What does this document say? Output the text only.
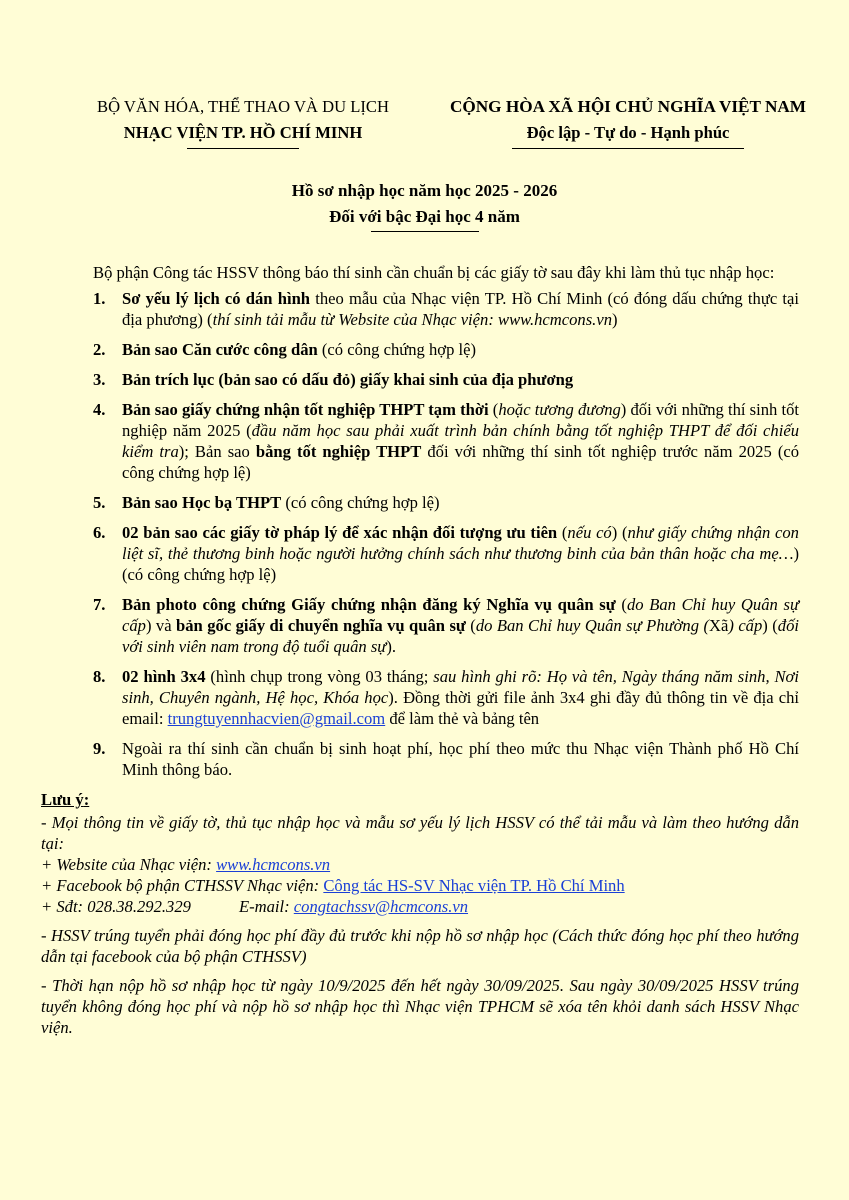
BỘ VĂN HÓA, THỂ THAO VÀ DU LỊCH
NHẠC VIỆN TP. HỒ CHÍ MINH
CỘNG HÒA XÃ HỘI CHỦ NGHĨA VIỆT NAM
Độc lập - Tự do - Hạnh phúc
Hồ sơ nhập học năm học 2025 - 2026
Đối với bậc Đại học 4 năm

Bộ phận Công tác HSSV thông báo thí sinh cần chuẩn bị các giấy tờ sau đây khi làm thủ tục nhập học:

1. Sơ yếu lý lịch có dán hình theo mẫu của Nhạc viện TP. Hồ Chí Minh (có đóng dấu chứng thực tại địa phương) (thí sinh tải mẫu từ Website của Nhạc viện: www.hcmcons.vn)
2. Bản sao Căn cước công dân (có công chứng hợp lệ)
3. Bản trích lục (bản sao có dấu đỏ) giấy khai sinh của địa phương
4. Bản sao giấy chứng nhận tốt nghiệp THPT tạm thời (hoặc tương đương) đối với những thí sinh tốt nghiệp năm 2025 (đầu năm học sau phải xuất trình bản chính bằng tốt nghiệp THPT để đối chiếu kiểm tra); Bản sao bằng tốt nghiệp THPT đối với những thí sinh tốt nghiệp trước năm 2025 (có công chứng hợp lệ)
5. Bản sao Học bạ THPT (có công chứng hợp lệ)
6. 02 bản sao các giấy tờ pháp lý để xác nhận đối tượng ưu tiên (nếu có) (như giấy chứng nhận con liệt sĩ, thẻ thương binh hoặc người hưởng chính sách như thương binh của bản thân hoặc cha mẹ…) (có công chứng hợp lệ)
7. Bản photo công chứng Giấy chứng nhận đăng ký Nghĩa vụ quân sự (do Ban Chỉ huy Quân sự cấp) và bản gốc giấy di chuyển nghĩa vụ quân sự (do Ban Chỉ huy Quân sự Phường (Xã) cấp) (đối với sinh viên nam trong độ tuổi quân sự).
8. 02 hình 3x4 (hình chụp trong vòng 03 tháng; sau hình ghi rõ: Họ và tên, Ngày tháng năm sinh, Nơi sinh, Chuyên ngành, Hệ học, Khóa học). Đồng thời gửi file ảnh 3x4 ghi đầy đủ thông tin về địa chỉ email: trungtuyennhacvien@gmail.com để làm thẻ và bảng tên
9. Ngoài ra thí sinh cần chuẩn bị sinh hoạt phí, học phí theo mức thu Nhạc viện Thành phố Hồ Chí Minh thông báo.
Lưu ý:
- Mọi thông tin về giấy tờ, thủ tục nhập học và mẫu sơ yếu lý lịch HSSV có thể tải mẫu và làm theo hướng dẫn tại:
+ Website của Nhạc viện: www.hcmcons.vn
+ Facebook bộ phận CTHSSV Nhạc viện: Công tác HS-SV Nhạc viện TP. Hồ Chí Minh
+ Sđt: 028.38.292.329	E-mail: congtachssv@hcmcons.vn

- HSSV trúng tuyển phải đóng học phí đầy đủ trước khi nộp hồ sơ nhập học (Cách thức đóng học phí theo hướng dẫn tại facebook của bộ phận CTHSSV)

- Thời hạn nộp hồ sơ nhập học từ ngày 10/9/2025 đến hết ngày 30/09/2025. Sau ngày 30/09/2025 HSSV trúng tuyển không đóng học phí và nộp hồ sơ nhập học thì Nhạc viện TPHCM sẽ xóa tên khỏi danh sách HSSV Nhạc viện.
